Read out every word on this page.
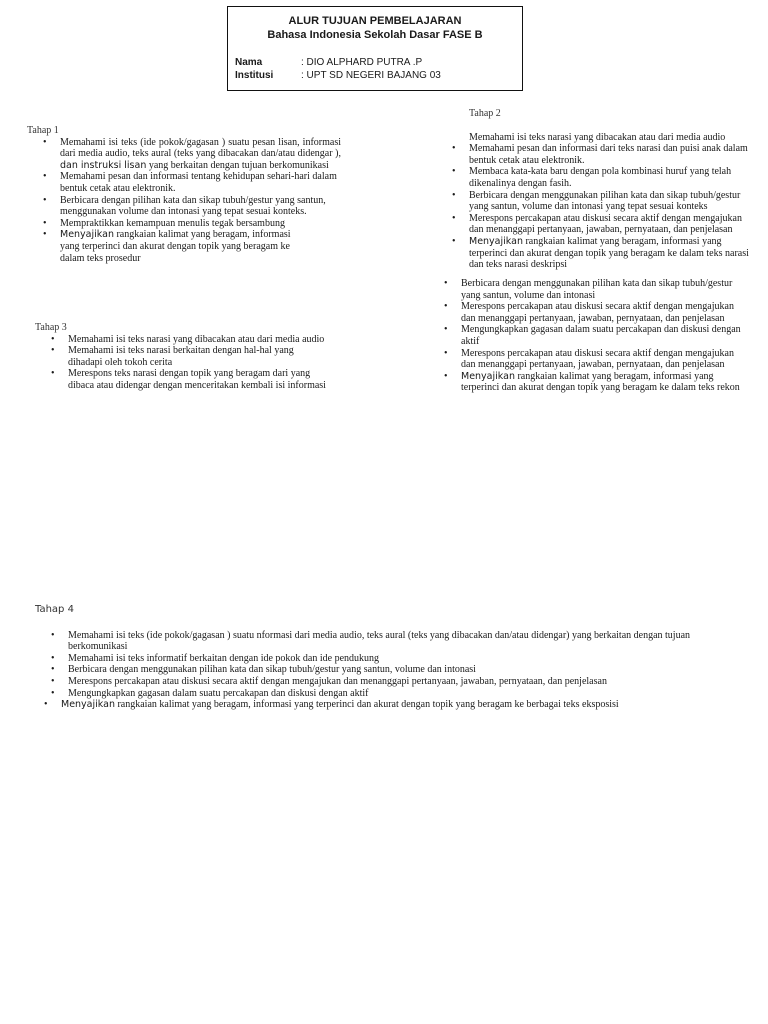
ALUR TUJUAN PEMBELAJARAN
Bahasa Indonesia Sekolah Dasar FASE B
Nama	: DIO ALPHARD PUTRA .P
Institusi	: UPT SD NEGERI BAJANG 03
Tahap 1
• Memahami isi teks (ide pokok/gagasan ) suatu pesan lisan, informasi dari media audio, teks aural (teks yang dibacakan dan/atau didengar ), dan instruksi lisan yang berkaitan dengan tujuan berkomunikasi
• Memahami pesan dan informasi tentang kehidupan sehari-hari dalam bentuk cetak atau elektronik.
• Berbicara dengan pilihan kata dan sikap tubuh/gestur yang santun, menggunakan volume dan intonasi yang tepat sesuai konteks.
• Mempraktikkan kemampuan menulis tegak bersambung
• Menyajikan rangkaian kalimat yang beragam, informasi
yang terperinci dan akurat dengan topik yang beragam ke
dalam teks prosedur
Tahap 2
Memahami isi teks narasi yang dibacakan atau dari media audio
• Memahami pesan dan informasi dari teks narasi dan puisi anak dalam bentuk cetak atau elektronik.
• Membaca kata-kata baru dengan pola kombinasi huruf yang telah dikenalinya dengan fasih.
• Berbicara dengan menggunakan pilihan kata dan sikap tubuh/gestur yang santun, volume dan intonasi yang tepat sesuai konteks
• Merespons percakapan atau diskusi secara aktif dengan mengajukan dan menanggapi pertanyaan, jawaban, pernyataan, dan penjelasan
• Menyajikan rangkaian kalimat yang beragam, informasi yang terperinci dan akurat dengan topik yang beragam ke dalam teks narasi dan teks narasi deskripsi
• Berbicara dengan menggunakan pilihan kata dan sikap tubuh/gestur yang santun, volume dan intonasi
• Merespons percakapan atau diskusi secara aktif dengan mengajukan dan menanggapi pertanyaan, jawaban, pernyataan, dan penjelasan
• Mengungkapkan gagasan dalam suatu percakapan dan diskusi dengan aktif
• Merespons percakapan atau diskusi secara aktif dengan mengajukan dan menanggapi pertanyaan, jawaban, pernyataan, dan penjelasan
• Menyajikan rangkaian kalimat yang beragam, informasi yang terperinci dan akurat dengan topik yang beragam ke dalam teks rekon
Tahap 3
• Memahami isi teks narasi yang dibacakan atau dari media audio
• Memahami isi teks narasi berkaitan dengan hal-hal yang
dihadapi oleh tokoh cerita
• Merespons teks narasi dengan topik yang beragam dari yang
dibaca atau didengar dengan menceritakan kembali isi informasi
Tahap 4
• Memahami isi teks (ide pokok/gagasan ) suatu nformasi dari media audio, teks aural (teks yang dibacakan dan/atau didengar) yang berkaitan dengan tujuan berkomunikasi
• Memahami isi teks informatif berkaitan dengan ide pokok dan ide pendukung
• Berbicara dengan menggunakan pilihan kata dan sikap tubuh/gestur yang santun, volume dan intonasi
• Merespons percakapan atau diskusi secara aktif dengan mengajukan dan menanggapi pertanyaan, jawaban, pernyataan, dan penjelasan
• Mengungkapkan gagasan dalam suatu percakapan dan diskusi dengan aktif
• Menyajikan rangkaian kalimat yang beragam, informasi yang terperinci dan akurat dengan topik yang beragam ke berbagai teks eksposisi
